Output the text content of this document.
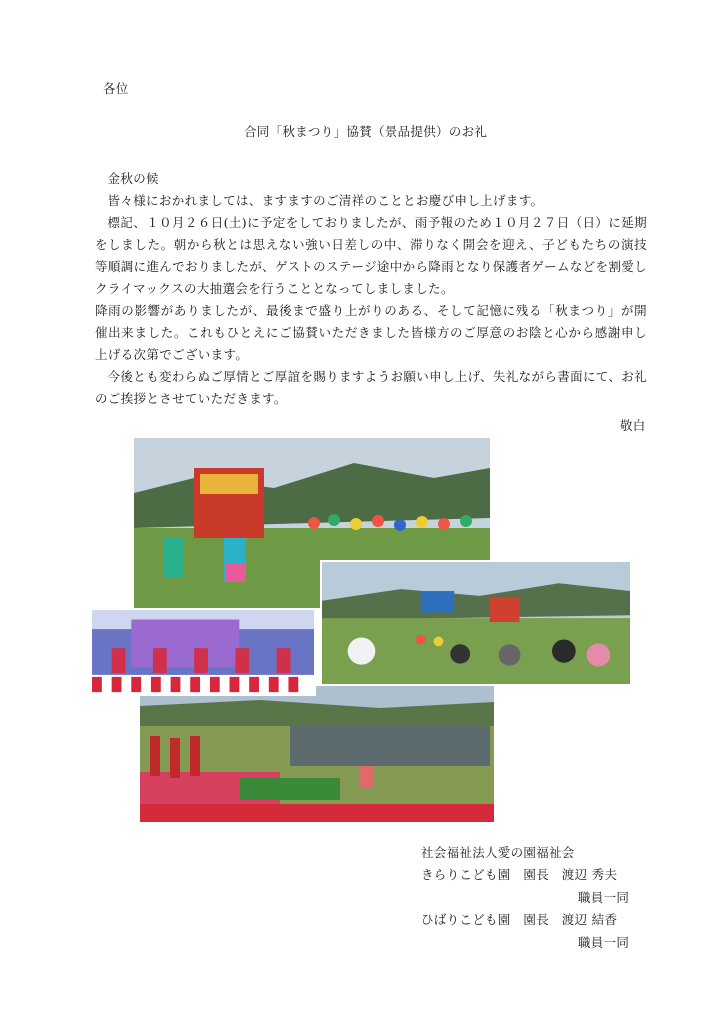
各位
合同「秋まつり」協賛（景品提供）のお礼

金秋の候

皆々様におかれましては、ますますのご清祥のこととお慶び申し上げます。

標記、１０月２６日(土)に予定をしておりましたが、雨予報のため１０月２７日（日）に延期をしました。朝から秋とは思えない強い日差しの中、滞りなく開会を迎え、子どもたちの演技等順調に進んでおりましたが、ゲストのステージ途中から降雨となり保護者ゲームなどを割愛しクライマックスの大抽選会を行うこととなってしましました。

降雨の影響がありましたが、最後まで盛り上がりのある、そして記憶に残る「秋まつり」が開催出来ました。これもひとえにご協賛いただきました皆様方のご厚意のお陰と心から感謝申し上げる次第でございます。

今後とも変わらぬご厚情とご厚誼を賜りますようお願い申し上げ、失礼ながら書面にて、お礼のご挨拶とさせていただきます。

敬白
社会福祉法人愛の園福祉会
きらりこども園　園長　渡辺 秀夫
職員一同
ひばりこども園　園長　渡辺 結香
職員一同
